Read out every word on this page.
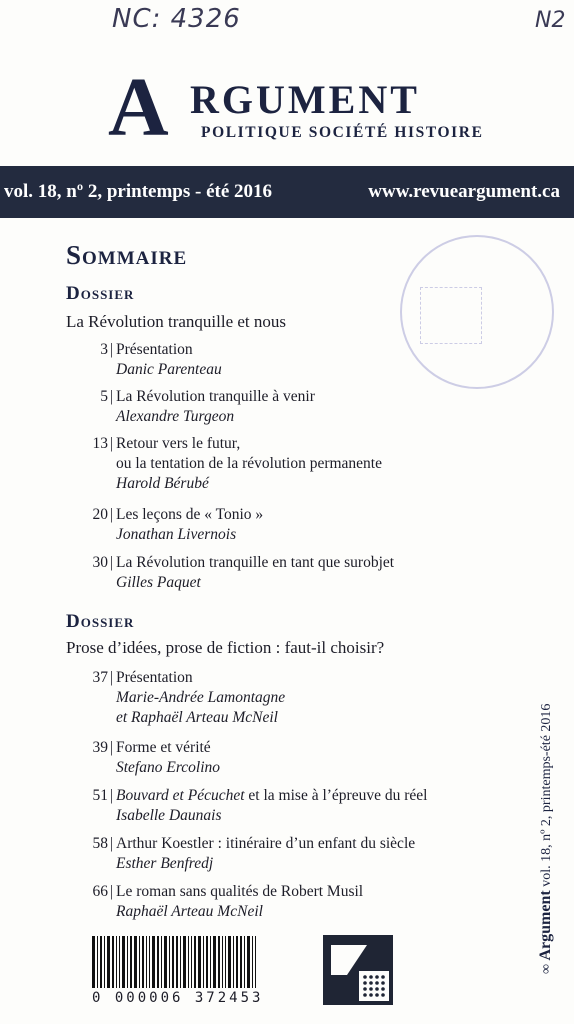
NC: 4326	N2
A RGUMENT
POLITIQUE SOCIÉTÉ HISTOIRE
vol. 18, nº 2, printemps - été 2016	www.revueargument.ca
Sommaire
Dossier
La Révolution tranquille et nous
3 | Présentation
Danic Parenteau
5 | La Révolution tranquille à venir
Alexandre Turgeon
13 | Retour vers le futur,
ou la tentation de la révolution permanente
Harold Bérubé
20 | Les leçons de « Tonio »
Jonathan Livernois
30 | La Révolution tranquille en tant que surobjet
Gilles Paquet
Dossier
Prose d’idées, prose de fiction : faut-il choisir?
37 | Présentation
Marie-Andrée Lamontagne
et Raphaël Arteau McNeil
39 | Forme et vérité
Stefano Ercolino
51 | Bouvard et Pécuchet et la mise à l’épreuve du réel
Isabelle Daunais
58 | Arthur Koestler : itinéraire d’un enfant du siècle
Esther Benfredj
66 | Le roman sans qualités de Robert Musil
Raphaël Arteau McNeil
∞ Argument vol. 18, nº 2, printemps-été 2016
0 000006 372453
